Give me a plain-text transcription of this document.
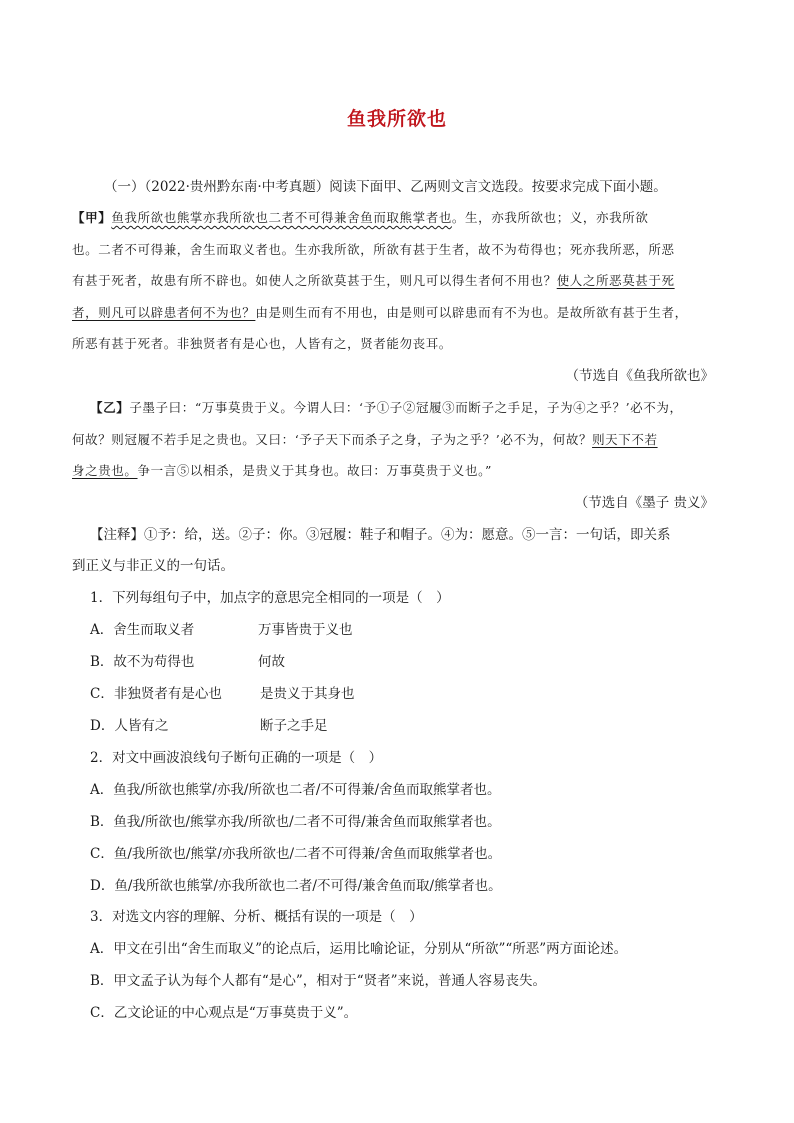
鱼我所欲也
（一）（2022·贵州黔东南·中考真题）阅读下面甲、乙两则文言文选段。按要求完成下面小题。
【甲】鱼我所欲也熊掌亦我所欲也二者不可得兼舍鱼而取熊掌者也。生，亦我所欲也；义，亦我所欲
也。二者不可得兼，舍生而取义者也。生亦我所欲，所欲有甚于生者，故不为苟得也；死亦我所恶，所恶
有甚于死者，故患有所不辟也。如使人之所欲莫甚于生，则凡可以得生者何不用也？使人之所恶莫甚于死
者，则凡可以辟患者何不为也？由是则生而有不用也，由是则可以辟患而有不为也。是故所欲有甚于生者，
所恶有甚于死者。非独贤者有是心也，人皆有之，贤者能勿丧耳。
（节选自《鱼我所欲也》
【乙】子墨子曰：“万事莫贵于义。今谓人曰：‘予①子②冠履③而断子之手足，子为④之乎？’必不为，
何故？则冠履不若手足之贵也。又曰：‘予子天下而杀子之身，子为之乎？’必不为，何故？则天下不若
身之贵也。争一言⑤以相杀，是贵义于其身也。故曰：万事莫贵于义也。”
（节选自《墨子 贵义》
【注释】①予：给，送。②子：你。③冠履：鞋子和帽子。④为：愿意。⑤一言：一句话，即关系
到正义与非正义的一句话。
1．下列每组句子中，加点字的意思完全相同的一项是（　）
A．舍生而取义者	万事皆贵于义也
B．故不为苟得也	何故
C．非独贤者有是心也	是贵义于其身也
D．人皆有之	断子之手足
2．对文中画波浪线句子断句正确的一项是（　）
A．鱼我/所欲也熊掌/亦我/所欲也二者/不可得兼/舍鱼而取熊掌者也。
B．鱼我/所欲也/熊掌亦我/所欲也/二者不可得/兼舍鱼而取熊掌者也。
C．鱼/我所欲也/熊掌/亦我所欲也/二者不可得兼/舍鱼而取熊掌者也。
D．鱼/我所欲也熊掌/亦我所欲也二者/不可得/兼舍鱼而取/熊掌者也。
3．对选文内容的理解、分析、概括有误的一项是（　）
A．甲文在引出“舍生而取义”的论点后，运用比喻论证，分别从“所欲”“所恶”两方面论述。
B．甲文孟子认为每个人都有“是心”，相对于“贤者”来说，普通人容易丧失。
C．乙文论证的中心观点是“万事莫贵于义”。
